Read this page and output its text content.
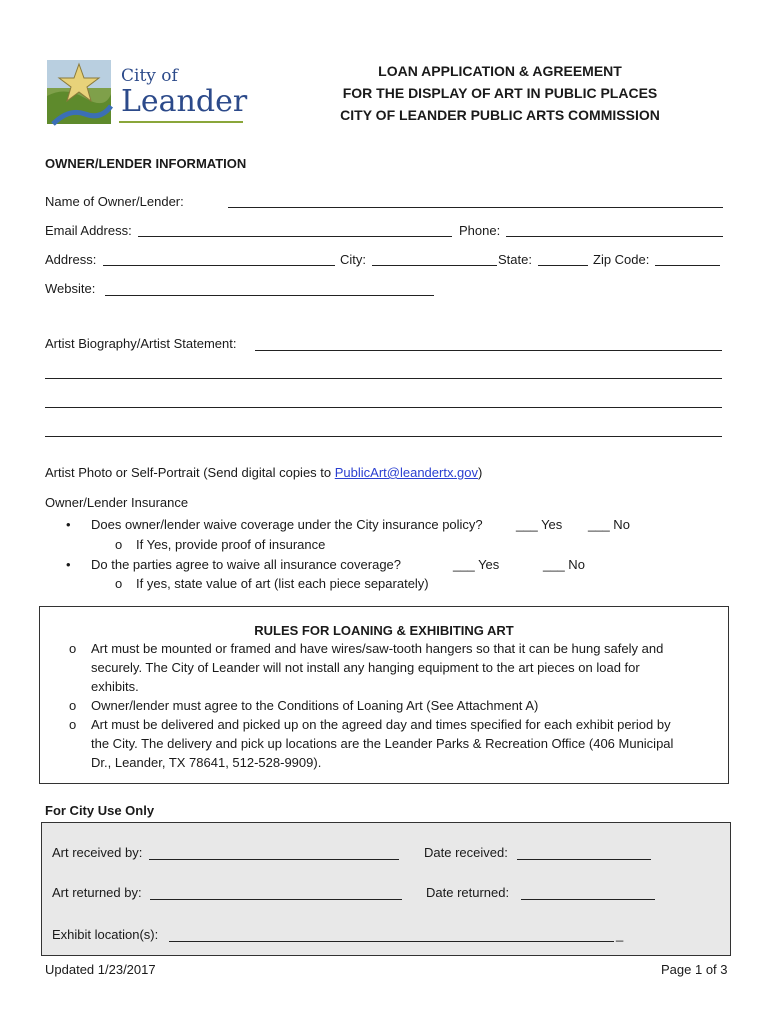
City of
Leander
LOAN APPLICATION & AGREEMENT
FOR THE DISPLAY OF ART IN PUBLIC PLACES
CITY OF LEANDER PUBLIC ARTS COMMISSION
OWNER/LENDER INFORMATION
Name of Owner/Lender:
Email Address:	Phone:
Address:	City:	State:	Zip Code:
Website:
Artist Biography/Artist Statement:
Artist Photo or Self-Portrait (Send digital copies to PublicArt@leandertx.gov)
Owner/Lender Insurance
• Does owner/lender waive coverage under the City insurance policy?	___ Yes ___ No
o If Yes, provide proof of insurance
• Do the parties agree to waive all insurance coverage?	___ Yes	___ No
o If yes, state value of art (list each piece separately)
RULES FOR LOANING & EXHIBITING ART
o Art must be mounted or framed and have wires/saw-tooth hangers so that it can be hung safely and
securely. The City of Leander will not install any hanging equipment to the art pieces on load for
exhibits.
o Owner/lender must agree to the Conditions of Loaning Art (See Attachment A)
o Art must be delivered and picked up on the agreed day and times specified for each exhibit period by
the City. The delivery and pick up locations are the Leander Parks & Recreation Office (406 Municipal
Dr., Leander, TX 78641, 512-528-9909).
For City Use Only
Art received by:	Date received:
Art returned by:	Date returned:
Exhibit location(s):	_
Updated 1/23/2017	Page 1 of 3
